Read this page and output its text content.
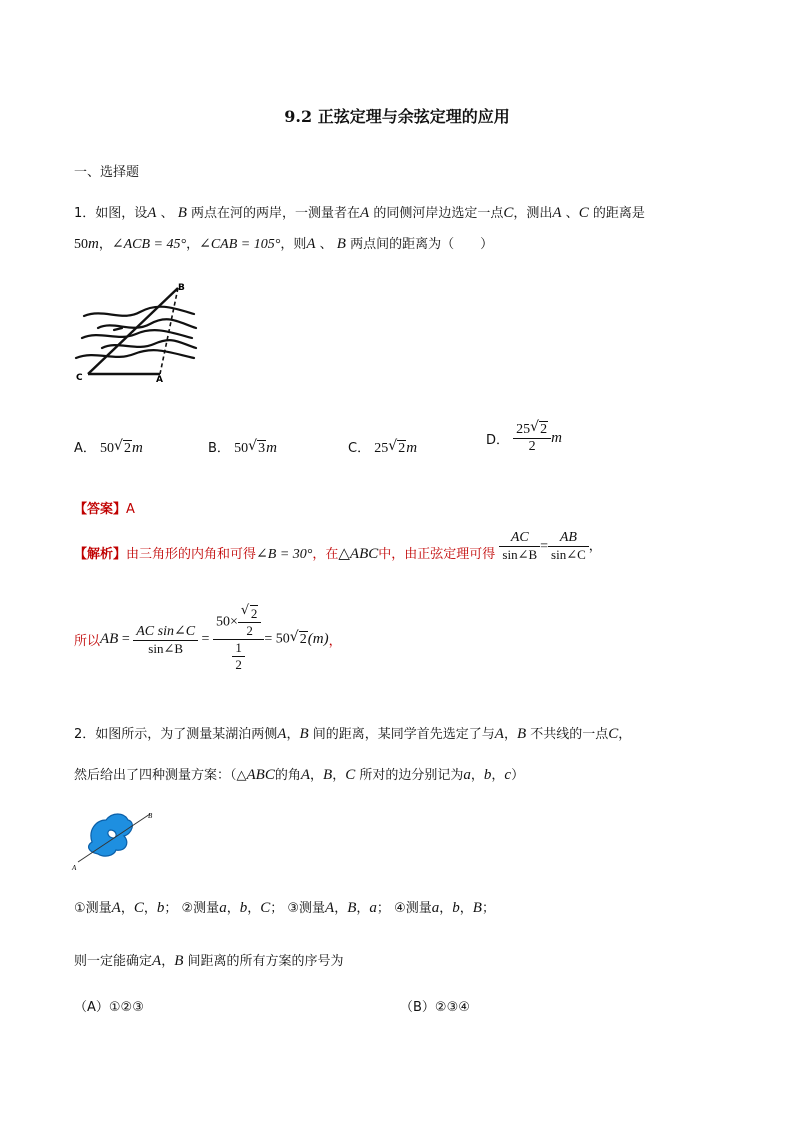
9.2 正弦定理与余弦定理的应用
一、选择题
1．如图，设A 、 B 两点在河的两岸，一测量者在A 的同侧河岸边选定一点C，测出A 、C 的距离是
50m，∠ACB = 45°，∠CAB = 105°，则A 、 B 两点间的距离为（　　）
B
C	A
A． 50 √ 2m	B． 50 √ 3m	C． 25 √ 2m	D． $\frac{25 √ 2}{2}$ m
【答案】A
【解析】由三角形的内角和可得∠B = 30°，在△ABC中，由正弦定理可得 $\frac{AC}{\sin\angle B} = \frac{AB}{\sin\angle C}$ ，
所以AB = $\frac{\text{AC sin∠C}}{\sin\angle B} = \frac{50\times \frac{√ 2}{2}}{\frac{1}{2}} = 50$ √ 2(m)，
2．如图所示，为了测量某湖泊两侧A，B 间的距离，某同学首先选定了与A，B 不共线的一点C，
然后给出了四种测量方案：（△ABC的角A，B，C 所对的边分别记为a，b，c）
B
A
①测量A，C，b； ②测量a，b，C； ③测量A，B，a； ④测量a，b，B；
则一定能确定A，B 间距离的所有方案的序号为
（A）①②③	（B）②③④
